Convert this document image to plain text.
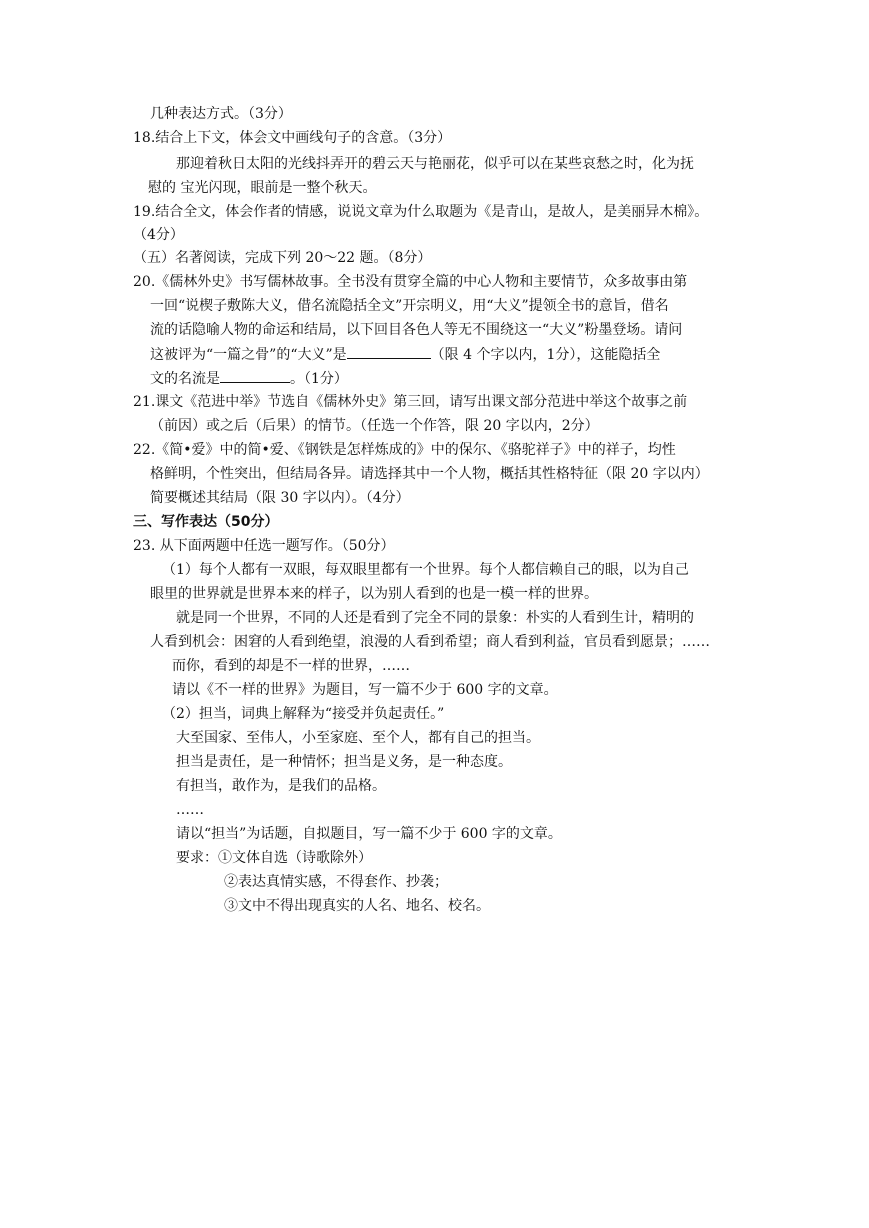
几种表达方式。（3分）
18.结合上下文，体会文中画线句子的含意。（3分）
那迎着秋日太阳的光线抖弄开的碧云天与艳丽花，似乎可以在某些哀愁之时，化为抚
慰的 宝光闪现，眼前是一整个秋天。
19.结合全文，体会作者的情感，说说文章为什么取题为《是青山，是故人，是美丽异木棉》。
（4分）
（五）名著阅读，完成下列 20～22 题。（8分）
20.《儒林外史》书写儒林故事。全书没有贯穿全篇的中心人物和主要情节，众多故事由第
一回“说楔子敷陈大义，借名流隐括全文”开宗明义，用“大义”提领全书的意旨，借名
流的话隐喻人物的命运和结局，以下回目各色人等无不围绕这一“大义”粉墨登场。请问
这被评为“一篇之骨”的“大义”是	（限 4 个字以内，1分），这能隐括全
文的名流是	。（1分）
21.课文《范进中举》节选自《儒林外史》第三回，请写出课文部分范进中举这个故事之前
（前因）或之后（后果）的情节。（任选一个作答，限 20 字以内，2分）
22.《简•爱》中的简•爱、《钢铁是怎样炼成的》中的保尔、《骆驼祥子》中的祥子，均性
格鲜明，个性突出，但结局各异。请选择其中一个人物，概括其性格特征（限 20 字以内）
简要概述其结局（限 30 字以内）。（4分）
三、写作表达（50分）
23. 从下面两题中任选一题写作。（50分）
（1）每个人都有一双眼，每双眼里都有一个世界。每个人都信赖自己的眼，以为自己
眼里的世界就是世界本来的样子，以为别人看到的也是一模一样的世界。
就是同一个世界，不同的人还是看到了完全不同的景象：朴实的人看到生计，精明的
人看到机会：困窘的人看到绝望，浪漫的人看到希望；商人看到利益，官员看到愿景；……
而你，看到的却是不一样的世界，……
请以《不一样的世界》为题目，写一篇不少于 600 字的文章。
（2）担当，词典上解释为“接受并负起责任。”
大至国家、至伟人，小至家庭、至个人，都有自己的担当。
担当是责任，是一种情怀；担当是义务，是一种态度。
有担当，敢作为，是我们的品格。
……
请以“担当”为话题，自拟题目，写一篇不少于 600 字的文章。
要求：①文体自选（诗歌除外）
②表达真情实感，不得套作、抄袭；
③文中不得出现真实的人名、地名、校名。
